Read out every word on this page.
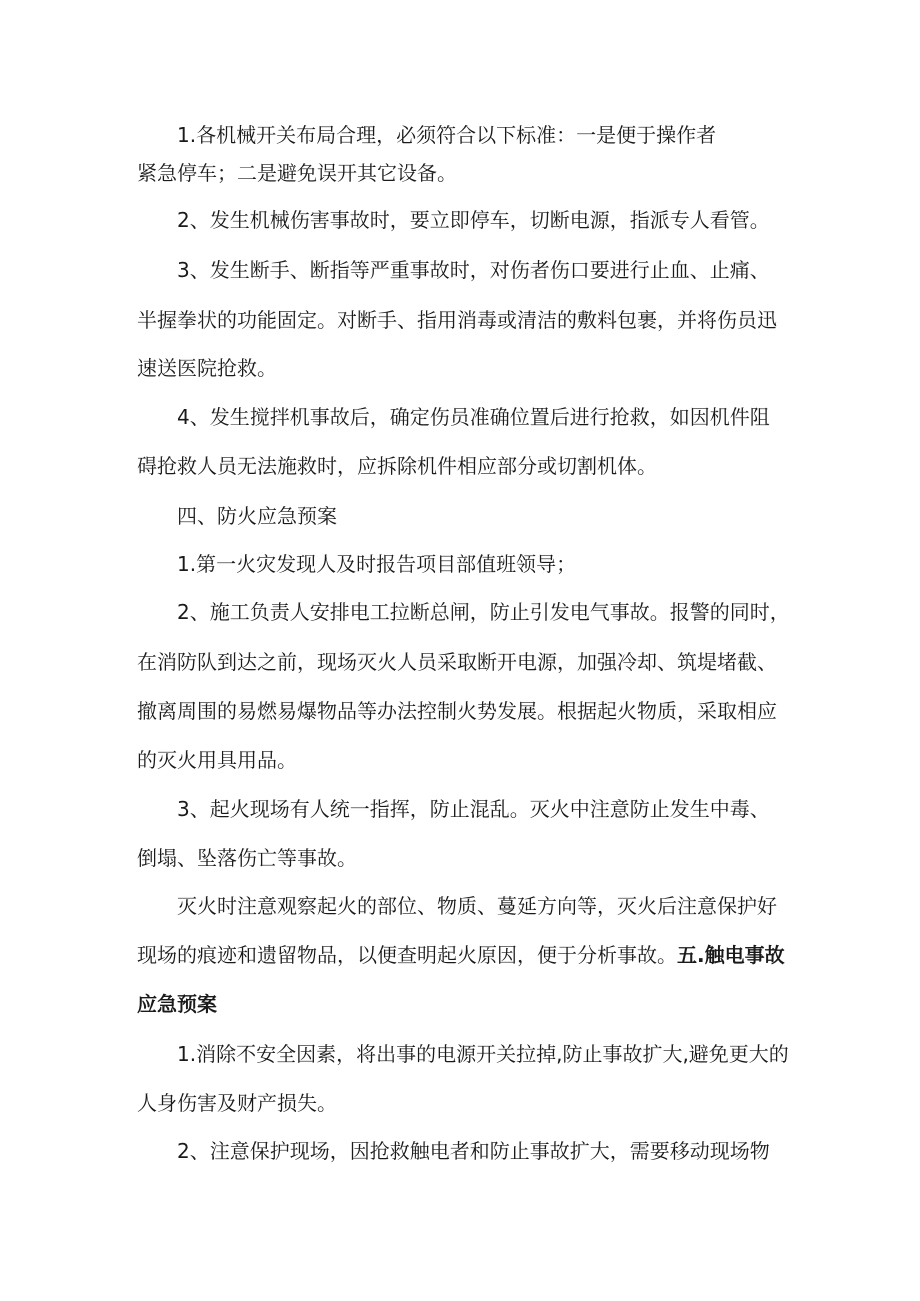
1.各机械开关布局合理，必须符合以下标准：一是便于操作者

紧急停车；二是避免误开其它设备。

2、发生机械伤害事故时，要立即停车，切断电源，指派专人看管。

3、发生断手、断指等严重事故时，对伤者伤口要进行止血、止痛、

半握拳状的功能固定。对断手、指用消毒或清洁的敷料包裹，并将伤员迅

速送医院抢救。

4、发生搅拌机事故后，确定伤员准确位置后进行抢救，如因机件阻

碍抢救人员无法施救时，应拆除机件相应部分或切割机体。

四、防火应急预案

1.第一火灾发现人及时报告项目部值班领导；

2、施工负责人安排电工拉断总闸，防止引发电气事故。报警的同时，

在消防队到达之前，现场灭火人员采取断开电源，加强冷却、筑堤堵截、

撤离周围的易燃易爆物品等办法控制火势发展。根据起火物质，采取相应

的灭火用具用品。

3、起火现场有人统一指挥，防止混乱。灭火中注意防止发生中毒、

倒塌、坠落伤亡等事故。

灭火时注意观察起火的部位、物质、蔓延方向等，灭火后注意保护好

现场的痕迹和遗留物品，以便查明起火原因，便于分析事故。五.触电事故

应急预案

1.消除不安全因素，将出事的电源开关拉掉,防止事故扩大,避免更大的

人身伤害及财产损失。

2、注意保护现场，因抢救触电者和防止事故扩大，需要移动现场物
